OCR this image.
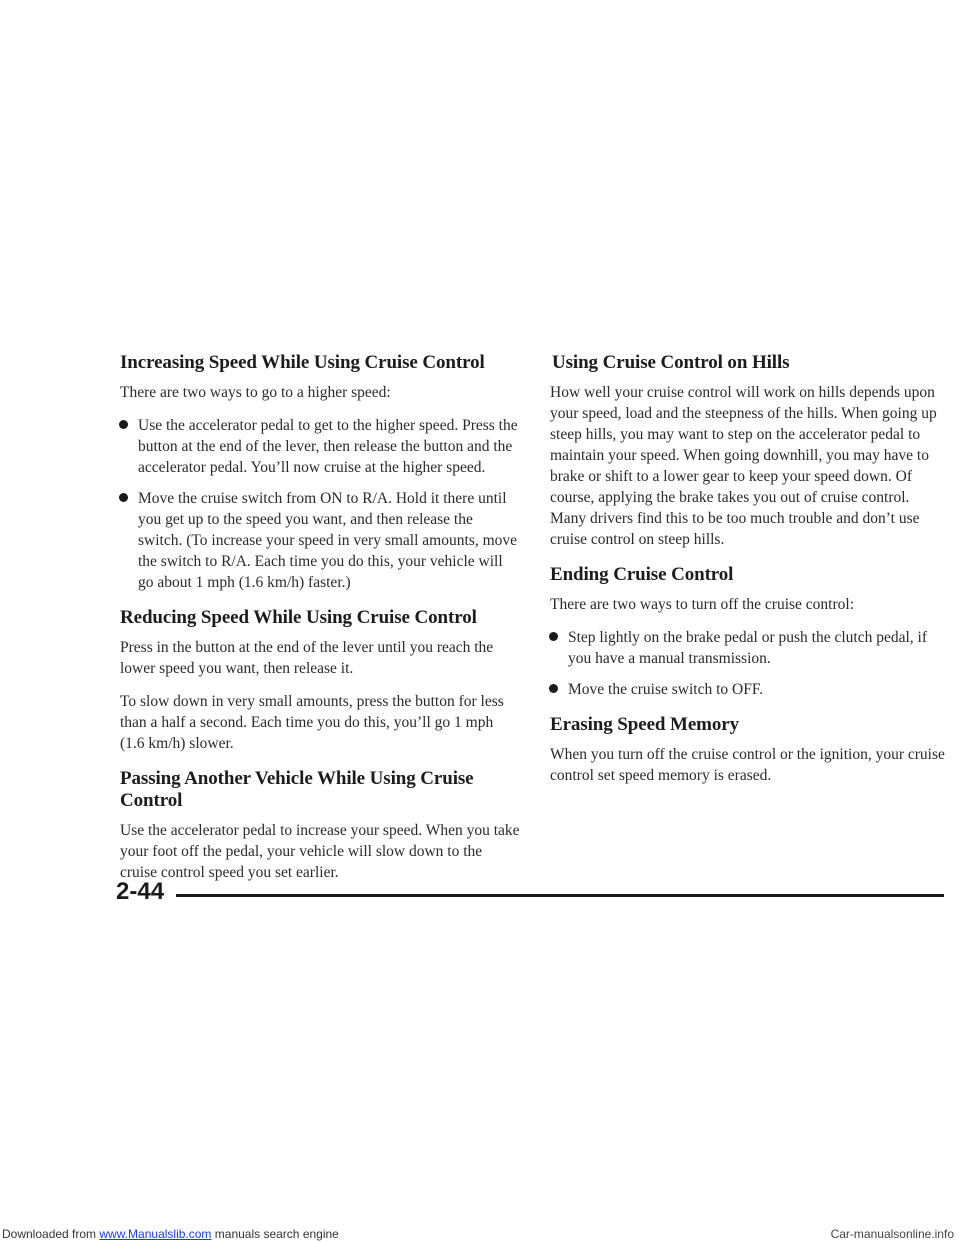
Increasing Speed While Using Cruise Control

There are two ways to go to a higher speed:

Use the accelerator pedal to get to the higher speed. Press the button at the end of the lever, then release the button and the accelerator pedal. You’ll now cruise at the higher speed.
Move the cruise switch from ON to R/A. Hold it there until you get up to the speed you want, and then release the switch. (To increase your speed in very small amounts, move the switch to R/A. Each time you do this, your vehicle will go about 1 mph (1.6 km/h) faster.)
Reducing Speed While Using Cruise Control

Press in the button at the end of the lever until you reach the lower speed you want, then release it.

To slow down in very small amounts, press the button for less than a half a second. Each time you do this, you’ll go 1 mph (1.6 km/h) slower.

Passing Another Vehicle While Using Cruise Control

Use the accelerator pedal to increase your speed. When you take your foot off the pedal, your vehicle will slow down to the cruise control speed you set earlier.

Using Cruise Control on Hills

How well your cruise control will work on hills depends upon your speed, load and the steepness of the hills. When going up steep hills, you may want to step on the accelerator pedal to maintain your speed. When going downhill, you may have to brake or shift to a lower gear to keep your speed down. Of course, applying the brake takes you out of cruise control. Many drivers find this to be too much trouble and don’t use cruise control on steep hills.

Ending Cruise Control

There are two ways to turn off the cruise control:

Step lightly on the brake pedal or push the clutch pedal, if you have a manual transmission.
Move the cruise switch to OFF.
Erasing Speed Memory

When you turn off the cruise control or the ignition, your cruise control set speed memory is erased.

2-44
Downloaded from www.Manualslib.com manuals search engine	Car-manualsonline.info
